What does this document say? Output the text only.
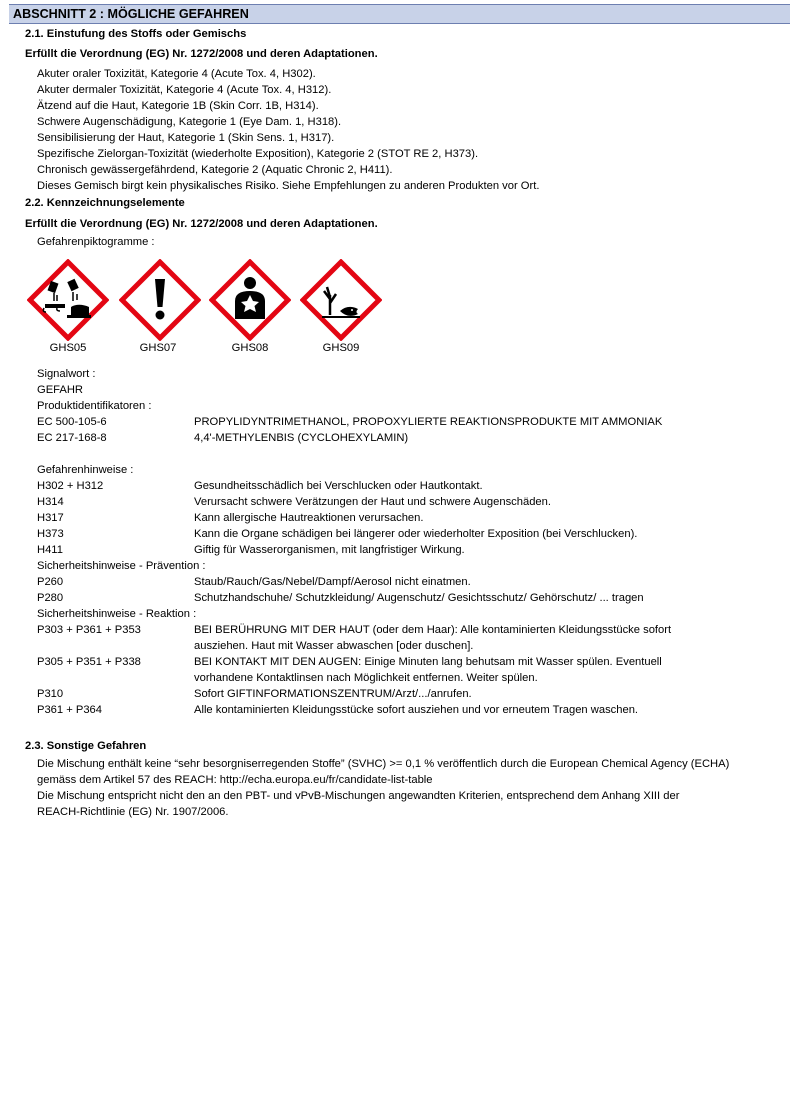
ABSCHNITT 2 : MÖGLICHE GEFAHREN
2.1. Einstufung des Stoffs oder Gemischs
Erfüllt die Verordnung (EG) Nr. 1272/2008 und deren Adaptationen.
Akuter oraler Toxizität, Kategorie 4 (Acute Tox. 4, H302).
Akuter dermaler Toxizität, Kategorie 4 (Acute Tox. 4, H312).
Ätzend auf die Haut, Kategorie 1B (Skin Corr. 1B, H314).
Schwere Augenschädigung, Kategorie 1 (Eye Dam. 1, H318).
Sensibilisierung der Haut, Kategorie 1 (Skin Sens. 1, H317).
Spezifische Zielorgan-Toxizität (wiederholte Exposition), Kategorie 2 (STOT RE 2, H373).
Chronisch gewässergefährdend, Kategorie 2 (Aquatic Chronic 2, H411).
Dieses Gemisch birgt kein physikalisches Risiko. Siehe Empfehlungen zu anderen Produkten vor Ort.
2.2. Kennzeichnungselemente
Erfüllt die Verordnung (EG) Nr. 1272/2008 und deren Adaptationen.
Gefahrenpiktogramme :
GHS05	GHS07	GHS08	GHS09
Signalwort :
GEFAHR
Produktidentifikatoren :
EC 500-105-6	PROPYLIDYNTRIMETHANOL, PROPOXYLIERTE REAKTIONSPRODUKTE MIT AMMONIAK
EC 217-168-8	4,4'-METHYLENBIS (CYCLOHEXYLAMIN)
Gefahrenhinweise :
H302 + H312	Gesundheitsschädlich bei Verschlucken oder Hautkontakt.
H314	Verursacht schwere Verätzungen der Haut und schwere Augenschäden.
H317	Kann allergische Hautreaktionen verursachen.
H373	Kann die Organe schädigen bei längerer oder wiederholter Exposition (bei Verschlucken).
H411	Giftig für Wasserorganismen, mit langfristiger Wirkung.
Sicherheitshinweise - Prävention :
P260	Staub/Rauch/Gas/Nebel/Dampf/Aerosol nicht einatmen.
P280	Schutzhandschuhe/ Schutzkleidung/ Augenschutz/ Gesichtsschutz/ Gehörschutz/ ... tragen
Sicherheitshinweise - Reaktion :
P303 + P361 + P353	BEI BERÜHRUNG MIT DER HAUT (oder dem Haar): Alle kontaminierten Kleidungsstücke sofort
ausziehen. Haut mit Wasser abwaschen [oder duschen].
P305 + P351 + P338	BEI KONTAKT MIT DEN AUGEN: Einige Minuten lang behutsam mit Wasser spülen. Eventuell
vorhandene Kontaktlinsen nach Möglichkeit entfernen. Weiter spülen.
P310	Sofort GIFTINFORMATIONSZENTRUM/Arzt/.../anrufen.
P361 + P364	Alle kontaminierten Kleidungsstücke sofort ausziehen und vor erneutem Tragen waschen.
2.3. Sonstige Gefahren
Die Mischung enthält keine “sehr besorgniserregenden Stoffe” (SVHC) >= 0,1 % veröffentlich durch die European Chemical Agency (ECHA)
gemäss dem Artikel 57 des REACH: http://echa.europa.eu/fr/candidate-list-table
Die Mischung entspricht nicht den an den PBT- und vPvB-Mischungen angewandten Kriterien, entsprechend dem Anhang XIII der
REACH-Richtlinie (EG) Nr. 1907/2006.
